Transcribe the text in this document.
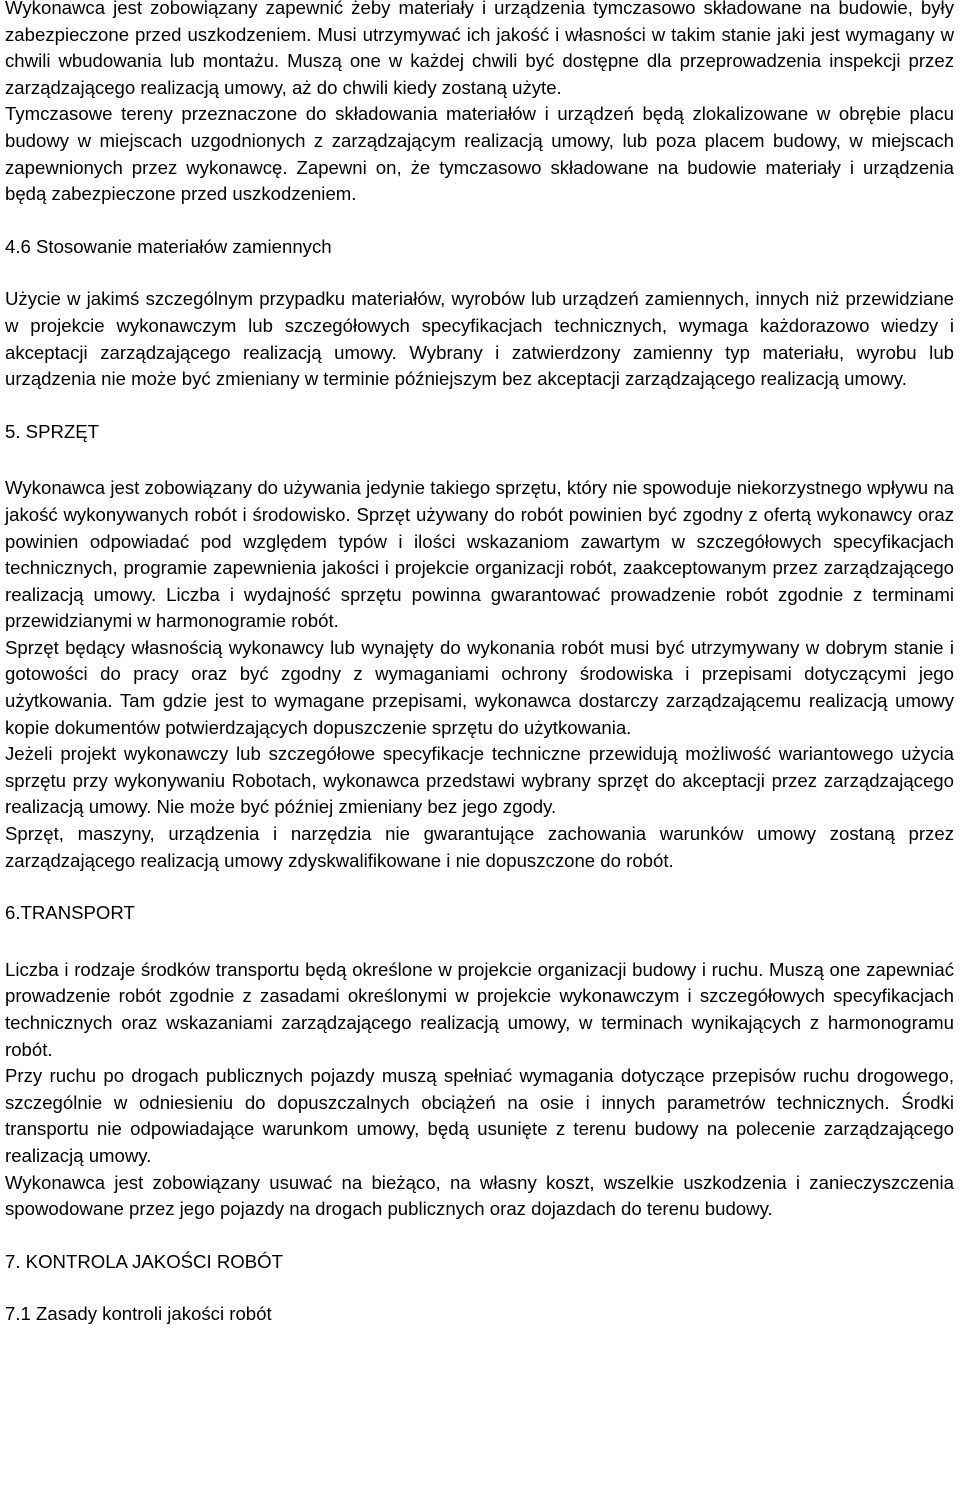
Wykonawca jest zobowiązany zapewnić żeby materiały i urządzenia tymczasowo składowane na budowie, były zabezpieczone przed uszkodzeniem. Musi utrzymywać ich jakość i własności w takim stanie jaki jest wymagany w chwili wbudowania lub montażu. Muszą one w każdej chwili być dostępne dla przeprowadzenia inspekcji przez zarządzającego realizacją umowy, aż do chwili kiedy zostaną użyte.

Tymczasowe tereny przeznaczone do składowania materiałów i urządzeń będą zlokalizowane w obrębie placu budowy w miejscach uzgodnionych z zarządzającym realizacją umowy, lub poza placem budowy, w miejscach zapewnionych przez wykonawcę. Zapewni on, że tymczasowo składowane na budowie materiały i urządzenia będą zabezpieczone przed uszkodzeniem.

4.6 Stosowanie materiałów zamiennych

Użycie w jakimś szczególnym przypadku materiałów, wyrobów lub urządzeń zamiennych, innych niż przewidziane w projekcie wykonawczym lub szczegółowych specyfikacjach technicznych, wymaga każdorazowo wiedzy i akceptacji zarządzającego realizacją umowy. Wybrany i zatwierdzony zamienny typ materiału, wyrobu lub urządzenia nie może być zmieniany w terminie późniejszym bez akceptacji zarządzającego realizacją umowy.

5. SPRZĘT

Wykonawca jest zobowiązany do używania jedynie takiego sprzętu, który nie spowoduje niekorzystnego wpływu na jakość wykonywanych robót i środowisko. Sprzęt używany do robót powinien być zgodny z ofertą wykonawcy oraz powinien odpowiadać pod względem typów i ilości wskazaniom zawartym w szczegółowych specyfikacjach technicznych, programie zapewnienia jakości i projekcie organizacji robót, zaakceptowanym przez zarządzającego realizacją umowy. Liczba i wydajność sprzętu powinna gwarantować prowadzenie robót zgodnie z terminami przewidzianymi w harmonogramie robót.

Sprzęt będący własnością wykonawcy lub wynajęty do wykonania robót musi być utrzymywany w dobrym stanie i gotowości do pracy oraz być zgodny z wymaganiami ochrony środowiska i przepisami dotyczącymi jego użytkowania. Tam gdzie jest to wymagane przepisami, wykonawca dostarczy zarządzającemu realizacją umowy kopie dokumentów potwierdzających dopuszczenie sprzętu do użytkowania.

Jeżeli projekt wykonawczy lub szczegółowe specyfikacje techniczne przewidują możliwość wariantowego użycia sprzętu przy wykonywaniu Robotach, wykonawca przedstawi wybrany sprzęt do akceptacji przez zarządzającego realizacją umowy. Nie może być później zmieniany bez jego zgody.

Sprzęt, maszyny, urządzenia i narzędzia nie gwarantujące zachowania warunków umowy zostaną przez zarządzającego realizacją umowy zdyskwalifikowane i nie dopuszczone do robót.

6.TRANSPORT

Liczba i rodzaje środków transportu będą określone w projekcie organizacji budowy i ruchu. Muszą one zapewniać prowadzenie robót zgodnie z zasadami określonymi w projekcie wykonawczym i szczegółowych specyfikacjach technicznych oraz wskazaniami zarządzającego realizacją umowy, w terminach wynikających z harmonogramu robót.

Przy ruchu po drogach publicznych pojazdy muszą spełniać wymagania dotyczące przepisów ruchu drogowego, szczególnie w odniesieniu do dopuszczalnych obciążeń na osie i innych parametrów technicznych. Środki transportu nie odpowiadające warunkom umowy, będą usunięte z terenu budowy na polecenie zarządzającego realizacją umowy.

Wykonawca jest zobowiązany usuwać na bieżąco, na własny koszt, wszelkie uszkodzenia i zanieczyszczenia spowodowane przez jego pojazdy na drogach publicznych oraz dojazdach do terenu budowy.

7. KONTROLA JAKOŚCI ROBÓT

7.1 Zasady kontroli jakości robót
